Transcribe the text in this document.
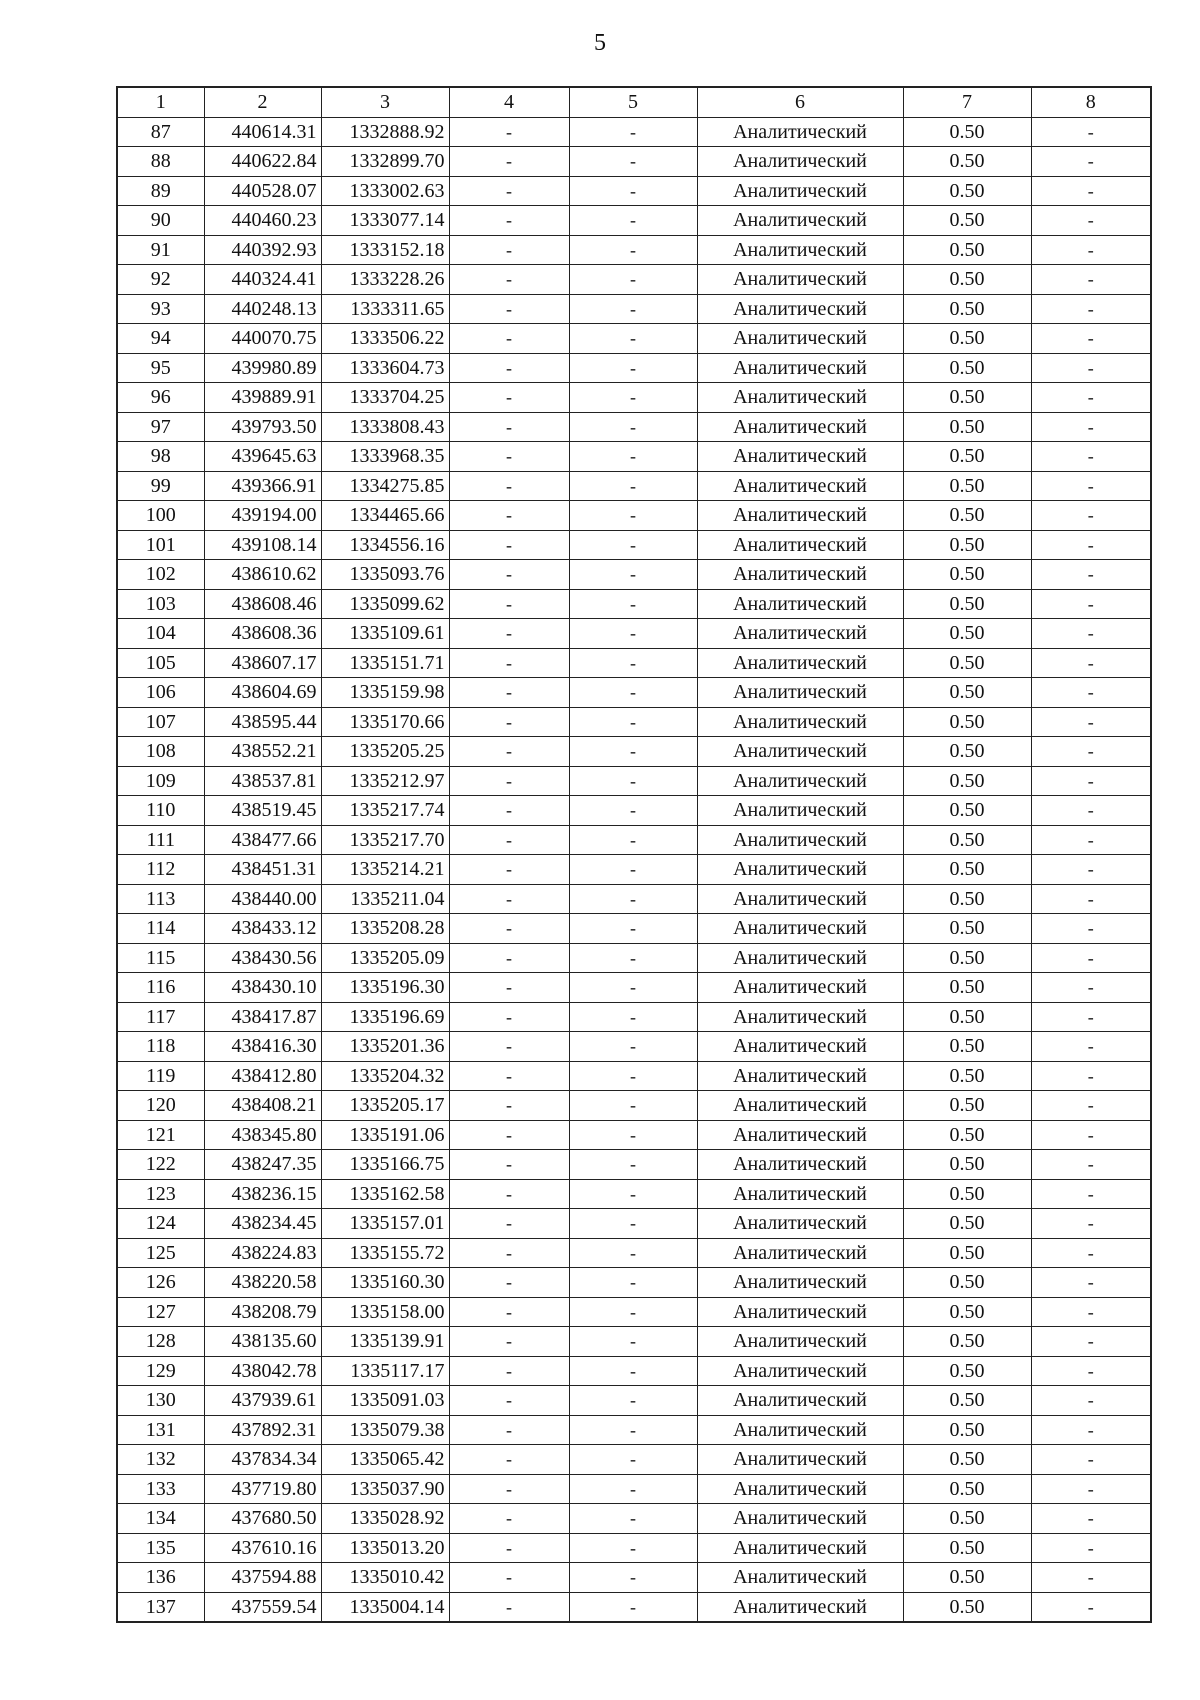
5
1	2	3	4	5	6	7	8
87	440614.31	1332888.92	-	-	Аналитический	0.50	-
88	440622.84	1332899.70	-	-	Аналитический	0.50	-
89	440528.07	1333002.63	-	-	Аналитический	0.50	-
90	440460.23	1333077.14	-	-	Аналитический	0.50	-
91	440392.93	1333152.18	-	-	Аналитический	0.50	-
92	440324.41	1333228.26	-	-	Аналитический	0.50	-
93	440248.13	1333311.65	-	-	Аналитический	0.50	-
94	440070.75	1333506.22	-	-	Аналитический	0.50	-
95	439980.89	1333604.73	-	-	Аналитический	0.50	-
96	439889.91	1333704.25	-	-	Аналитический	0.50	-
97	439793.50	1333808.43	-	-	Аналитический	0.50	-
98	439645.63	1333968.35	-	-	Аналитический	0.50	-
99	439366.91	1334275.85	-	-	Аналитический	0.50	-
100	439194.00	1334465.66	-	-	Аналитический	0.50	-
101	439108.14	1334556.16	-	-	Аналитический	0.50	-
102	438610.62	1335093.76	-	-	Аналитический	0.50	-
103	438608.46	1335099.62	-	-	Аналитический	0.50	-
104	438608.36	1335109.61	-	-	Аналитический	0.50	-
105	438607.17	1335151.71	-	-	Аналитический	0.50	-
106	438604.69	1335159.98	-	-	Аналитический	0.50	-
107	438595.44	1335170.66	-	-	Аналитический	0.50	-
108	438552.21	1335205.25	-	-	Аналитический	0.50	-
109	438537.81	1335212.97	-	-	Аналитический	0.50	-
110	438519.45	1335217.74	-	-	Аналитический	0.50	-
111	438477.66	1335217.70	-	-	Аналитический	0.50	-
112	438451.31	1335214.21	-	-	Аналитический	0.50	-
113	438440.00	1335211.04	-	-	Аналитический	0.50	-
114	438433.12	1335208.28	-	-	Аналитический	0.50	-
115	438430.56	1335205.09	-	-	Аналитический	0.50	-
116	438430.10	1335196.30	-	-	Аналитический	0.50	-
117	438417.87	1335196.69	-	-	Аналитический	0.50	-
118	438416.30	1335201.36	-	-	Аналитический	0.50	-
119	438412.80	1335204.32	-	-	Аналитический	0.50	-
120	438408.21	1335205.17	-	-	Аналитический	0.50	-
121	438345.80	1335191.06	-	-	Аналитический	0.50	-
122	438247.35	1335166.75	-	-	Аналитический	0.50	-
123	438236.15	1335162.58	-	-	Аналитический	0.50	-
124	438234.45	1335157.01	-	-	Аналитический	0.50	-
125	438224.83	1335155.72	-	-	Аналитический	0.50	-
126	438220.58	1335160.30	-	-	Аналитический	0.50	-
127	438208.79	1335158.00	-	-	Аналитический	0.50	-
128	438135.60	1335139.91	-	-	Аналитический	0.50	-
129	438042.78	1335117.17	-	-	Аналитический	0.50	-
130	437939.61	1335091.03	-	-	Аналитический	0.50	-
131	437892.31	1335079.38	-	-	Аналитический	0.50	-
132	437834.34	1335065.42	-	-	Аналитический	0.50	-
133	437719.80	1335037.90	-	-	Аналитический	0.50	-
134	437680.50	1335028.92	-	-	Аналитический	0.50	-
135	437610.16	1335013.20	-	-	Аналитический	0.50	-
136	437594.88	1335010.42	-	-	Аналитический	0.50	-
137	437559.54	1335004.14	-	-	Аналитический	0.50	-
